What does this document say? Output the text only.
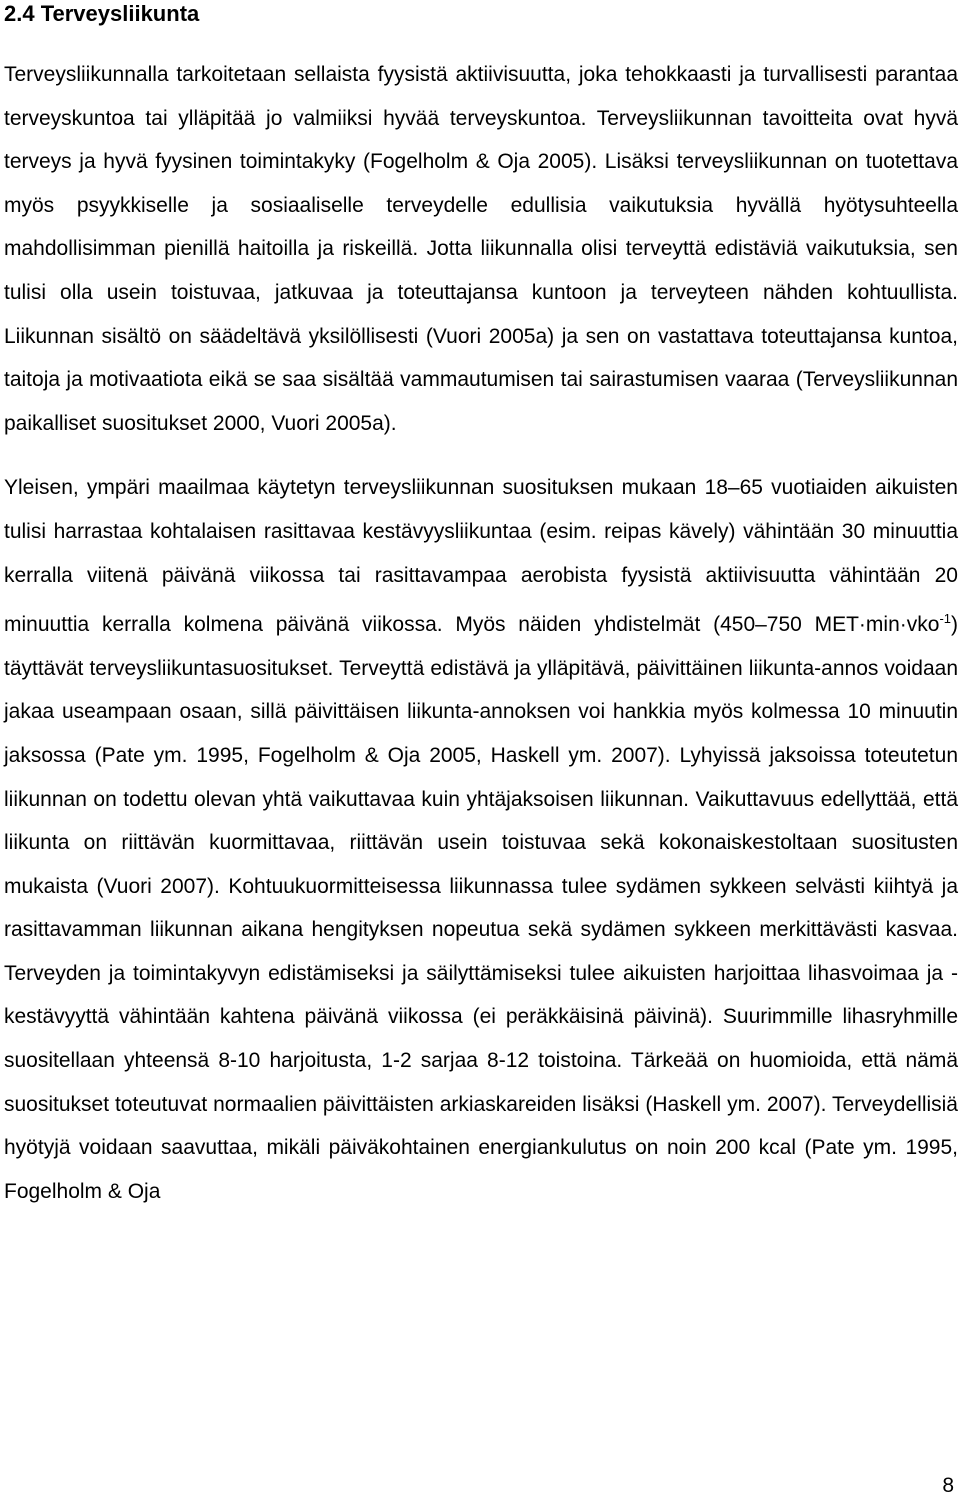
2.4 Terveysliikunta

Terveysliikunnalla tarkoitetaan sellaista fyysistä aktiivisuutta, joka tehokkaasti ja turvallisesti parantaa terveyskuntoa tai ylläpitää jo valmiiksi hyvää terveyskuntoa. Terveysliikunnan tavoitteita ovat hyvä terveys ja hyvä fyysinen toimintakyky (Fogelholm & Oja 2005). Lisäksi terveysliikunnan on tuotettava myös psyykkiselle ja sosiaaliselle terveydelle edullisia vaikutuksia hyvällä hyötysuhteella mahdollisimman pienillä haitoilla ja riskeillä. Jotta liikunnalla olisi terveyttä edistäviä vaikutuksia, sen tulisi olla usein toistuvaa, jatkuvaa ja toteuttajansa kuntoon ja terveyteen nähden kohtuullista. Liikunnan sisältö on säädeltävä yksilöllisesti (Vuori 2005a) ja sen on vastattava toteuttajansa kuntoa, taitoja ja motivaatiota eikä se saa sisältää vammautumisen tai sairastumisen vaaraa (Terveysliikunnan paikalliset suositukset 2000, Vuori 2005a).

Yleisen, ympäri maailmaa käytetyn terveysliikunnan suosituksen mukaan 18–65 vuotiaiden aikuisten tulisi harrastaa kohtalaisen rasittavaa kestävyysliikuntaa (esim. reipas kävely) vähintään 30 minuuttia kerralla viitenä päivänä viikossa tai rasittavampaa aerobista fyysistä aktiivisuutta vähintään 20 minuuttia kerralla kolmena päivänä viikossa. Myös näiden yhdistelmät (450–750 MET·min·vko$^{-1}$) täyttävät terveysliikuntasuositukset. Terveyttä edistävä ja ylläpitävä, päivittäinen liikunta-annos voidaan jakaa useampaan osaan, sillä päivittäisen liikunta-annoksen voi hankkia myös kolmessa 10 minuutin jaksossa (Pate ym. 1995, Fogelholm & Oja 2005, Haskell ym. 2007). Lyhyissä jaksoissa toteutetun liikunnan on todettu olevan yhtä vaikuttavaa kuin yhtäjaksoisen liikunnan. Vaikuttavuus edellyttää, että liikunta on riittävän kuormittavaa, riittävän usein toistuvaa sekä kokonaiskestoltaan suositusten mukaista (Vuori 2007). Kohtuukuormitteisessa liikunnassa tulee sydämen sykkeen selvästi kiihtyä ja rasittavamman liikunnan aikana hengityksen nopeutua sekä sydämen sykkeen merkittävästi kasvaa. Terveyden ja toimintakyvyn edistämiseksi ja säilyttämiseksi tulee aikuisten harjoittaa lihasvoimaa ja -kestävyyttä vähintään kahtena päivänä viikossa (ei peräkkäisinä päivinä). Suurimmille lihasryhmille suositellaan yhteensä 8-10 harjoitusta, 1-2 sarjaa 8-12 toistoina. Tärkeää on huomioida, että nämä suositukset toteutuvat normaalien päivittäisten arkiaskareiden lisäksi (Haskell ym. 2007). Terveydellisiä hyötyjä voidaan saavuttaa, mikäli päiväkohtainen energiankulutus on noin 200 kcal (Pate ym. 1995, Fogelholm & Oja

8
